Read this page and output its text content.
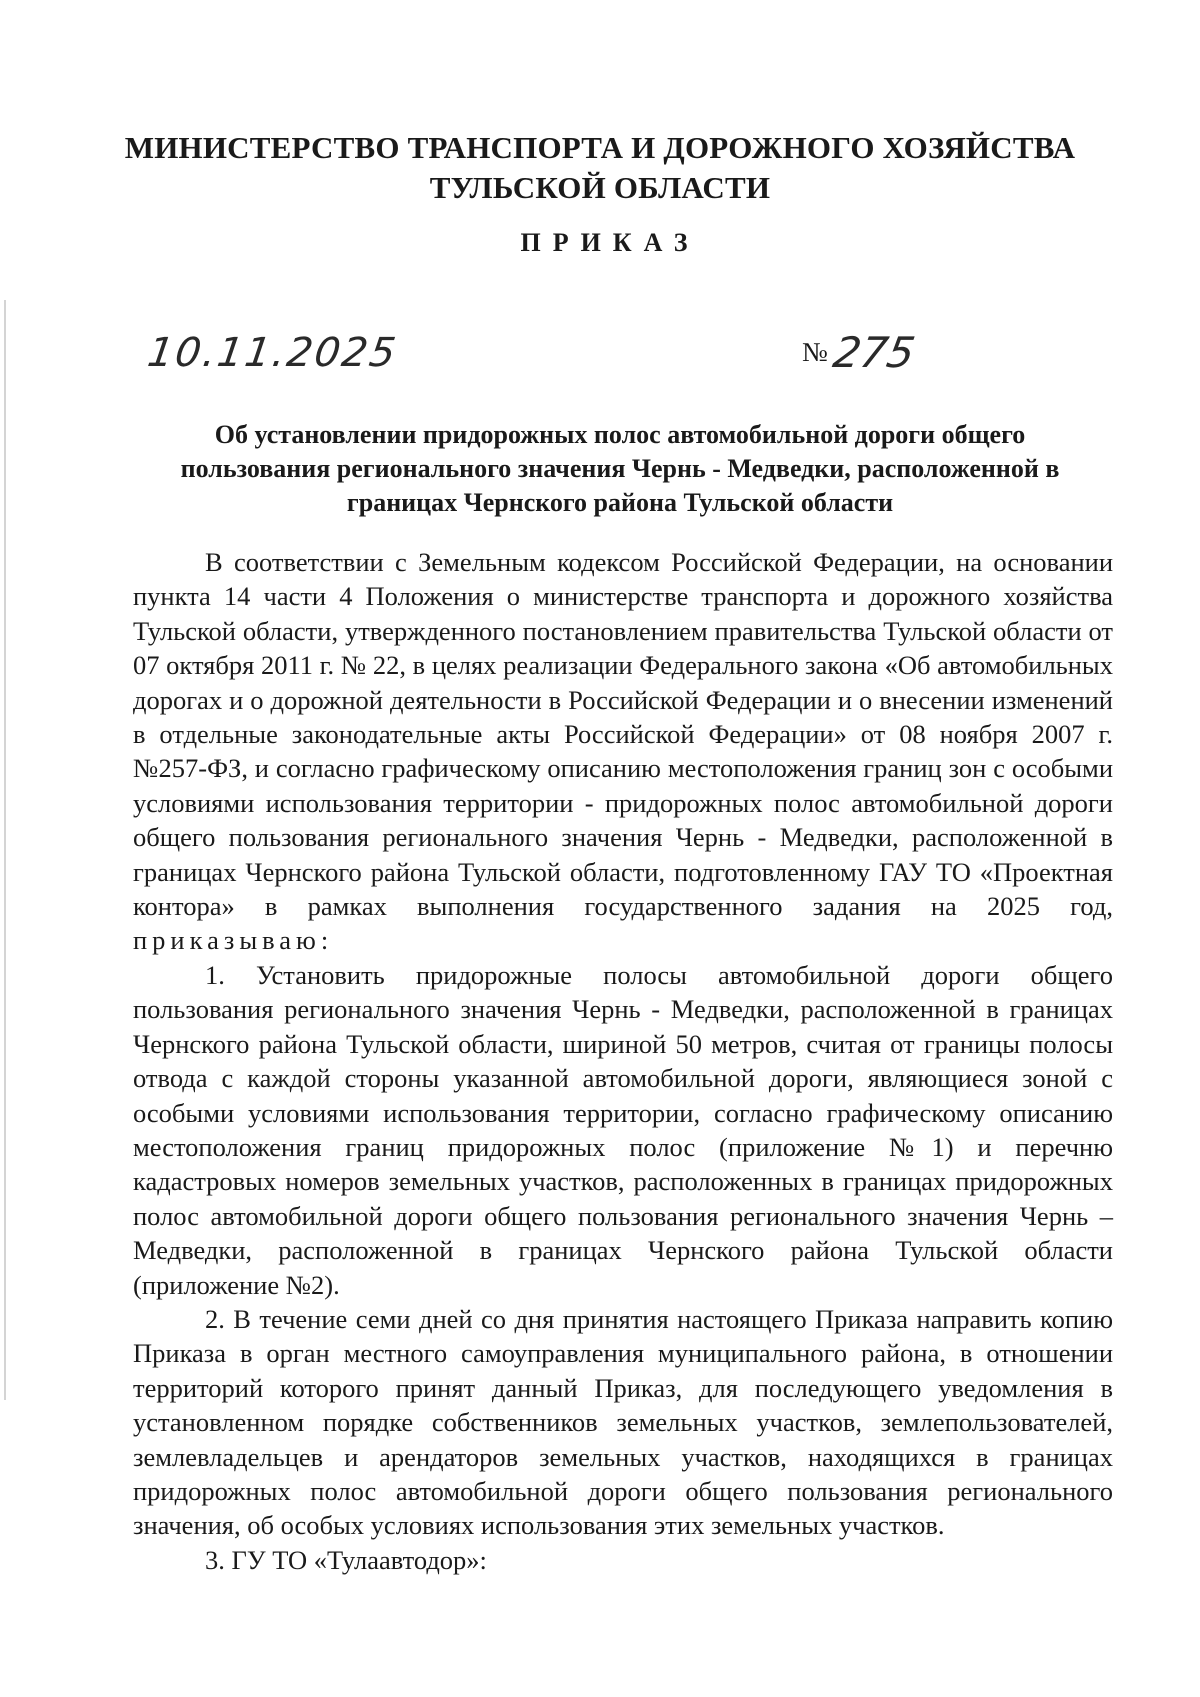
МИНИСТЕРСТВО ТРАНСПОРТА И ДОРОЖНОГО ХОЗЯЙСТВА
ТУЛЬСКОЙ ОБЛАСТИ
ПРИКАЗ
10.11.2025	№275
Об установлении придорожных полос автомобильной дороги общего
пользования регионального значения Чернь - Медведки, расположенной в
границах Чернского района Тульской области

В соответствии с Земельным кодексом Российской Федерации, на основании пункта 14 части 4 Положения о министерстве транспорта и дорожного хозяйства Тульской области, утвержденного постановлением правительства Тульской области от 07 октября 2011 г. № 22, в целях реализации Федерального закона «Об автомобильных дорогах и о дорожной деятельности в Российской Федерации и о внесении изменений в отдельные законодательные акты Российской Федерации» от 08 ноября 2007 г. №257-ФЗ, и согласно графическому описанию местоположения границ зон с особыми условиями использования территории - придорожных полос автомобильной дороги общего пользования регионального значения Чернь - Медведки, расположенной в границах Чернского района Тульской области, подготовленному ГАУ ТО «Проектная контора» в рамках выполнения государственного задания на 2025 год, приказываю:

1. Установить придорожные полосы автомобильной дороги общего пользования регионального значения Чернь - Медведки, расположенной в границах Чернского района Тульской области, шириной 50 метров, считая от границы полосы отвода с каждой стороны указанной автомобильной дороги, являющиеся зоной с особыми условиями использования территории, согласно графическому описанию местоположения границ придорожных полос (приложение №1) и перечню кадастровых номеров земельных участков, расположенных в границах придорожных полос автомобильной дороги общего пользования регионального значения Чернь – Медведки, расположенной в границах Чернского района Тульской области (приложение №2).

2. В течение семи дней со дня принятия настоящего Приказа направить копию Приказа в орган местного самоуправления муниципального района, в отношении территорий которого принят данный Приказ, для последующего уведомления в установленном порядке собственников земельных участков, землепользователей, землевладельцев и арендаторов земельных участков, находящихся в границах придорожных полос автомобильной дороги общего пользования регионального значения, об особых условиях использования этих земельных участков.

3. ГУ ТО «Тулаавтодор»:
